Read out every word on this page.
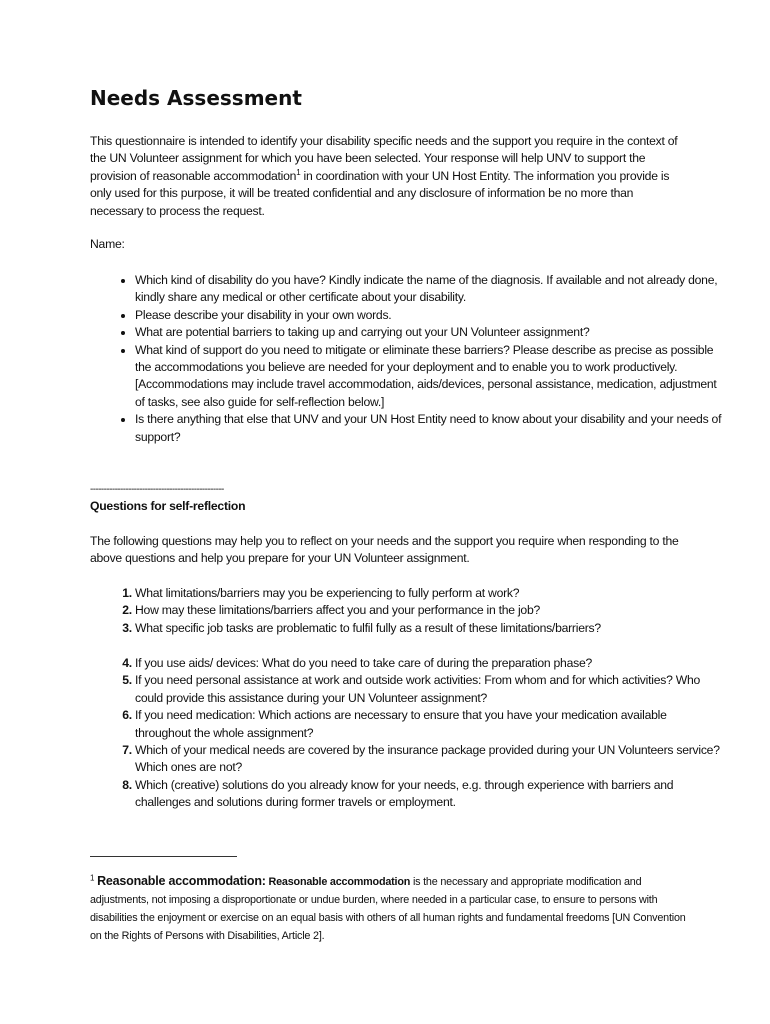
Needs Assessment

This questionnaire is intended to identify your disability specific needs and the support you require in the context of the UN Volunteer assignment for which you have been selected. Your response will help UNV to support the provision of reasonable accommodation$^1$ in coordination with your UN Host Entity. The information you provide is only used for this purpose, it will be treated confidential and any disclosure of information be no more than necessary to process the request.

Name:

• Which kind of disability do you have? Kindly indicate the name of the diagnosis. If available and not already done, kindly share any medical or other certificate about your disability.
• Please describe your disability in your own words.
• What are potential barriers to taking up and carrying out your UN Volunteer assignment?
• What kind of support do you need to mitigate or eliminate these barriers? Please describe as precise as possible the accommodations you believe are needed for your deployment and to enable you to work productively. [Accommodations may include travel accommodation, aids/devices, personal assistance, medication, adjustment of tasks, see also guide for self-reflection below.]
• Is there anything that else that UNV and your UN Host Entity need to know about your disability and your needs of support?

-------------------------------------------------

Questions for self-reflection

The following questions may help you to reflect on your needs and the support you require when responding to the above questions and help you prepare for your UN Volunteer assignment.

1. What limitations/barriers may you be experiencing to fully perform at work?
2. How may these limitations/barriers affect you and your performance in the job?
3. What specific job tasks are problematic to fulfil fully as a result of these limitations/barriers?
4. If you use aids/ devices: What do you need to take care of during the preparation phase?
5. If you need personal assistance at work and outside work activities: From whom and for which activities? Who could provide this assistance during your UN Volunteer assignment?
6. If you need medication: Which actions are necessary to ensure that you have your medication available throughout the whole assignment?
7. Which of your medical needs are covered by the insurance package provided during your UN Volunteers service? Which ones are not?
8. Which (creative) solutions do you already know for your needs, e.g. through experience with barriers and challenges and solutions during former travels or employment.

$^1$ Reasonable accommodation: Reasonable accommodation is the necessary and appropriate modification and adjustments, not imposing a disproportionate or undue burden, where needed in a particular case, to ensure to persons with disabilities the enjoyment or exercise on an equal basis with others of all human rights and fundamental freedoms [UN Convention on the Rights of Persons with Disabilities, Article 2].
